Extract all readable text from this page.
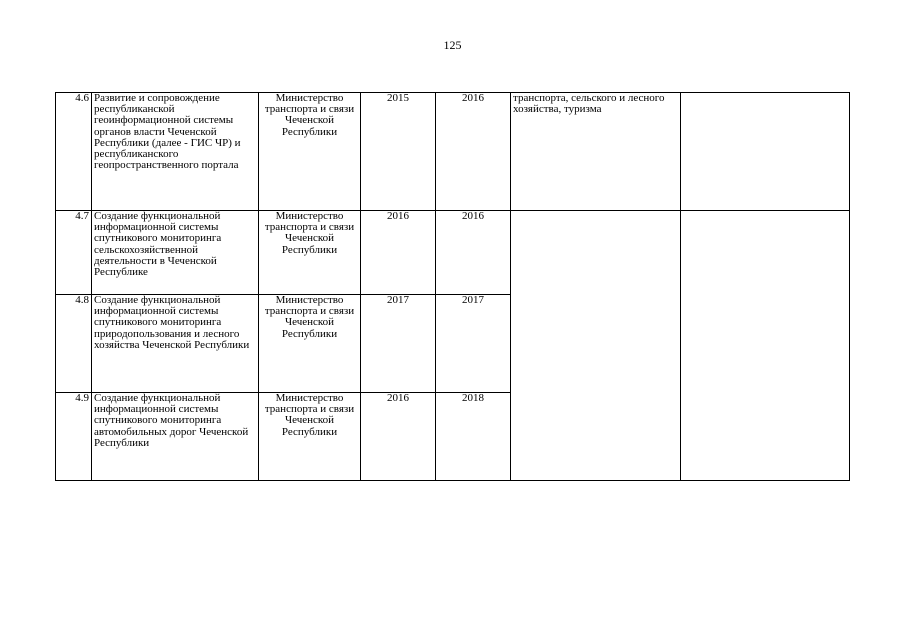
125
4.6	Развитие и сопровождение республиканской геоинформационной системы органов власти Чеченской Республики (далее - ГИС ЧР) и республиканского геопространственного портала	Министерство транспорта и связи Чеченской Республики	2015	2016	транспорта, сельского и лесного хозяйства, туризма	
4.7	Создание функциональной информационной системы спутникового мониторинга сельскохозяйственной деятельности в Чеченской Республике	Министерство транспорта и связи Чеченской Республики	2016	2016		
4.8	Создание функциональной информационной системы спутникового мониторинга природопользования и лесного хозяйства Чеченской Республики	Министерство транспорта и связи Чеченской Республики	2017	2017		
4.9	Создание функциональной информационной системы спутникового мониторинга автомобильных дорог Чеченской Республики	Министерство транспорта и связи Чеченской Республики	2016	2018		
